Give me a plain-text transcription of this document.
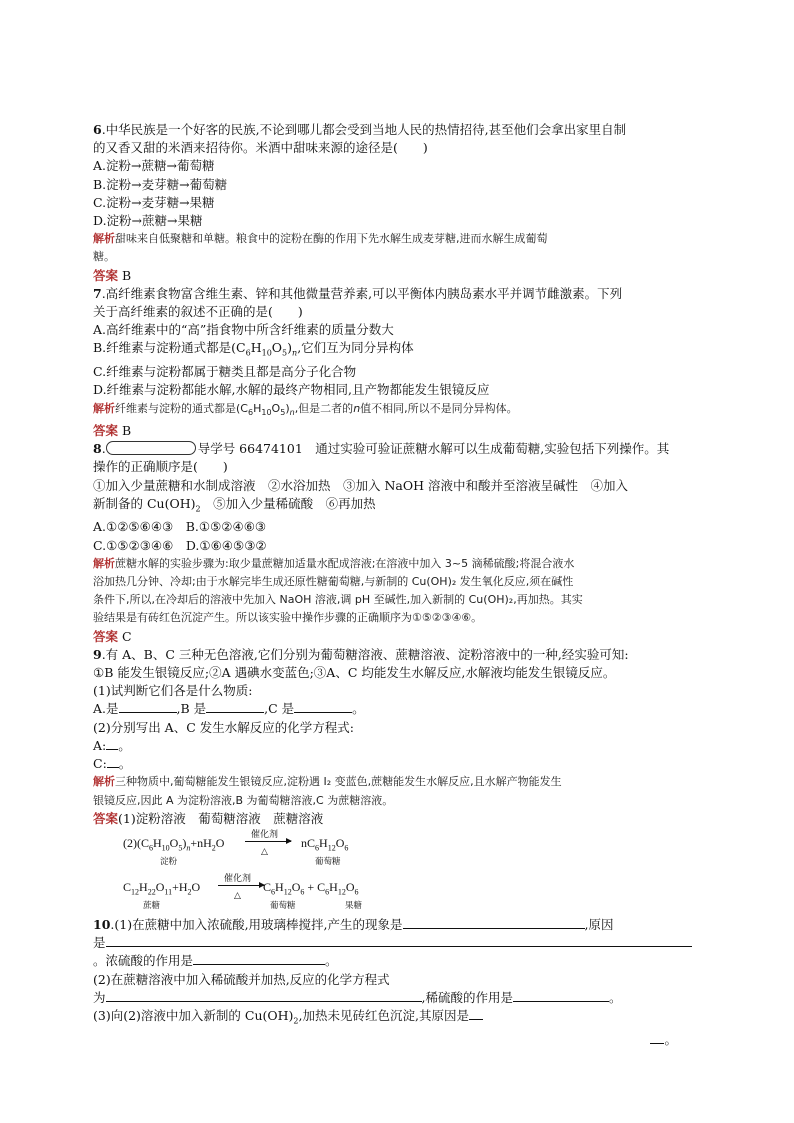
6.中华民族是一个好客的民族,不论到哪儿都会受到当地人民的热情招待,甚至他们会拿出家里自制
的又香又甜的米酒来招待你。米酒中甜味来源的途径是(　　)
A.淀粉→蔗糖→葡萄糖
B.淀粉→麦芽糖→葡萄糖
C.淀粉→麦芽糖→果糖
D.淀粉→蔗糖→果糖
解析甜味来自低聚糖和单糖。粮食中的淀粉在酶的作用下先水解生成麦芽糖,进而水解生成葡萄
糖。
答案 B
7.高纤维素食物富含维生素、锌和其他微量营养素,可以平衡体内胰岛素水平并调节雌激素。下列
关于高纤维素的叙述不正确的是(　　)
A.高纤维素中的“高”指食物中所含纤维素的质量分数大
B.纤维素与淀粉通式都是$(C_6H_{10}O_5)_n$,它们互为同分异构体
C.纤维素与淀粉都属于糖类且都是高分子化合物
D.纤维素与淀粉都能水解,水解的最终产物相同,且产物都能发生银镜反应
解析纤维素与淀粉的通式都是$(C_6H_{10}O_5)_n$,但是二者的n值不相同,所以不是同分异构体。
答案 B
8.	导学号 66474101　通过实验可验证蔗糖水解可以生成葡萄糖,实验包括下列操作。其
操作的正确顺序是(　　)
①加入少量蔗糖和水制成溶液　②水浴加热　③加入 NaOH 溶液中和酸并至溶液呈碱性　④加入
新制备的 $Cu(OH)_2$　⑤加入少量稀硫酸　⑥再加热
A.①②⑤⑥④③　B.①⑤②④⑥③
C.①⑤②③④⑥　D.①⑥④⑤③②
解析蔗糖水解的实验步骤为:取少量蔗糖加适量水配成溶液;在溶液中加入 3~5 滴稀硫酸;将混合液水
浴加热几分钟、冷却;由于水解完毕生成还原性糖葡萄糖,与新制的 Cu(OH)₂ 发生氧化反应,须在碱性
条件下,所以,在冷却后的溶液中先加入 NaOH 溶液,调 pH 至碱性,加入新制的 Cu(OH)₂,再加热。其实
验结果是有砖红色沉淀产生。所以该实验中操作步骤的正确顺序为①⑤②③④⑥。
答案 C
9.有 A、B、C 三种无色溶液,它们分别为葡萄糖溶液、蔗糖溶液、淀粉溶液中的一种,经实验可知:
①B 能发生银镜反应;②A 遇碘水变蓝色;③A、C 均能发生水解反应,水解液均能发生银镜反应。
(1)试判断它们各是什么物质:
A.是	,B 是	,C 是	。
(2)分别写出 A、C 发生水解反应的化学方程式:
A: 。
C: 。
解析三种物质中,葡萄糖能发生银镜反应,淀粉遇 I₂ 变蓝色,蔗糖能发生水解反应,且水解产物能发生
银镜反应,因此 A 为淀粉溶液,B 为葡萄糖溶液,C 为蔗糖溶液。
答案(1)淀粉溶液　葡萄糖溶液　蔗糖溶液
催化剂
△
$(2)(C_6H_{10}O_5)_n+nH_2O$
淀粉
$nC_6H_{12}O_6$
葡萄糖
催化剂
△
$C_{12}H_{22}O_{11}+H_2O$
蔗糖
$C_6H_{12}O_6 + C_6H_{12}O_6$
葡萄糖	果糖
10.(1)在蔗糖中加入浓硫酸,用玻璃棒搅拌,产生的现象是	,原因
是
。浓硫酸的作用是	。
(2)在蔗糖溶液中加入稀硫酸并加热,反应的化学方程式
为	,稀硫酸的作用是	。
(3)向(2)溶液中加入新制的 $Cu(OH)_2$,加热未见砖红色沉淀,其原因是
。
